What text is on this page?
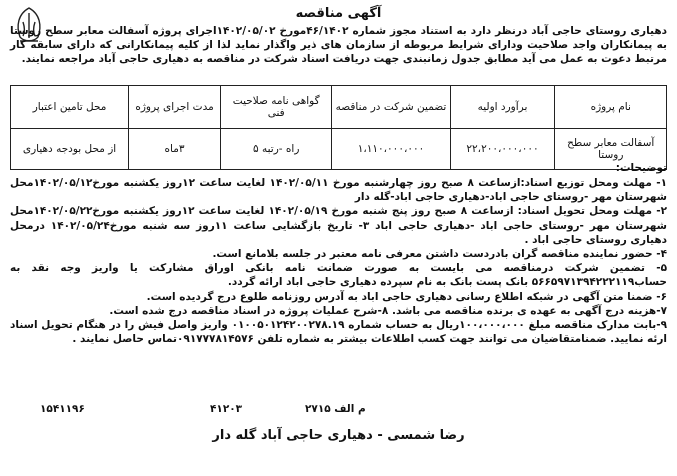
آگهی مناقصه
دهیاری روستای حاجی آباد درنظر دارد به استناد مجوز شماره ۴۶/۱۴۰۲مورخ ۱۴۰۲/۰۵/۰۲اجرای پروژه آسفالت معابر سطح روستا به پیمانکاران واجد صلاحیت ودارای شرایط مربوطه از سازمان های ذیر واگذار نماید لذا از کلیه پیمانکارانی که دارای سابقه کار مرتبط دعوت به عمل می آید مطابق جدول زمانبندی جهت دریافت اسناد شرکت در مناقصه به دهیاری حاجی آباد مراجعه نمایند.
نام پروژه	برآورد اولیه	تضمین شرکت در مناقصه	گواهی نامه صلاحیت فنی	مدت اجرای پروژه	محل تامین اعتبار
آسفالت معابر سطح روستا	۲۲،۲۰۰،۰۰۰،۰۰۰	۱،۱۱۰،۰۰۰،۰۰۰	راه -رتبه ۵	۳ماه	از محل بودجه دهیاری
توضیحات:

۱- مهلت ومحل توزیع اسناد:ازساعت ۸ صبح روز چهارشنبه مورخ ۱۴۰۲/۰۵/۱۱ لغایت ساعت ۱۲روز یکشنبه مورخ۱۴۰۲/۰۵/۱۲محل شهرستان مهر -روستای حاجی اباد-دهیاری حاجی اباد-گله دار

۲- مهلت ومحل تحویل اسناد: ازساعت ۸ صبح روز پنج شنبه مورخ ۱۴۰۲/۰۵/۱۹ لغایت ساعت ۱۲روز یکشنبه مورخ۱۴۰۲/۰۵/۲۲محل شهرستان مهر -روستای حاجی اباد -دهیاری حاجی اباد ۳- تاریخ بازگشایی ساعت ۱۱روز سه شنبه مورخ۱۴۰۲/۰۵/۲۴ درمحل دهیاری روستای حاجی اباد .

۴- حضور نماینده مناقصه گران بادردست داشتن معرفی نامه معتبر در جلسه بلامانع است.

۵- تضمین شرکت درمناقصه می بایست به صورت ضمانت نامه بانکی اوراق مشارکت یا واریز وجه نقد به حساب۵۶۶۵۹۷۱۳۹۴۲۲۲۱۱۹ بانک پست بانک به نام سپرده دهیاری حاجی اباد ارائه گردد.

۶- ضمنا متن آگهی در شبکه اطلاع رسانی دهیاری حاجی اباد به آدرس روزنامه طلوع درج گردیده است.

۷-هزینه درج آگهی به عهده ی برنده مناقصه می باشد. ۸-شرح عملیات پروژه در اسناد مناقصه درج شده است.

۹-بابت مدارک مناقصه مبلغ ۱۰۰،۰۰۰،۰۰۰ریال به حساب شماره ۰۱۰۰۵۰۱۲۴۲۰۰۲۷۸.۱۹ واریز واصل فیش را در هنگام تحویل اسناد ارئه نمایید. ضمنامتقاضیان می توانند جهت کسب اطلاعات بیشتر به شماره تلفن ۰۹۱۷۷۷۸۱۴۵۷۶تماس حاصل نمایند .

۱۵۴۱۱۹۶	۴۱۲۰۳	۲۷۱۵ م الف
رضا شمسی - دهیاری حاجی آباد گله دار
